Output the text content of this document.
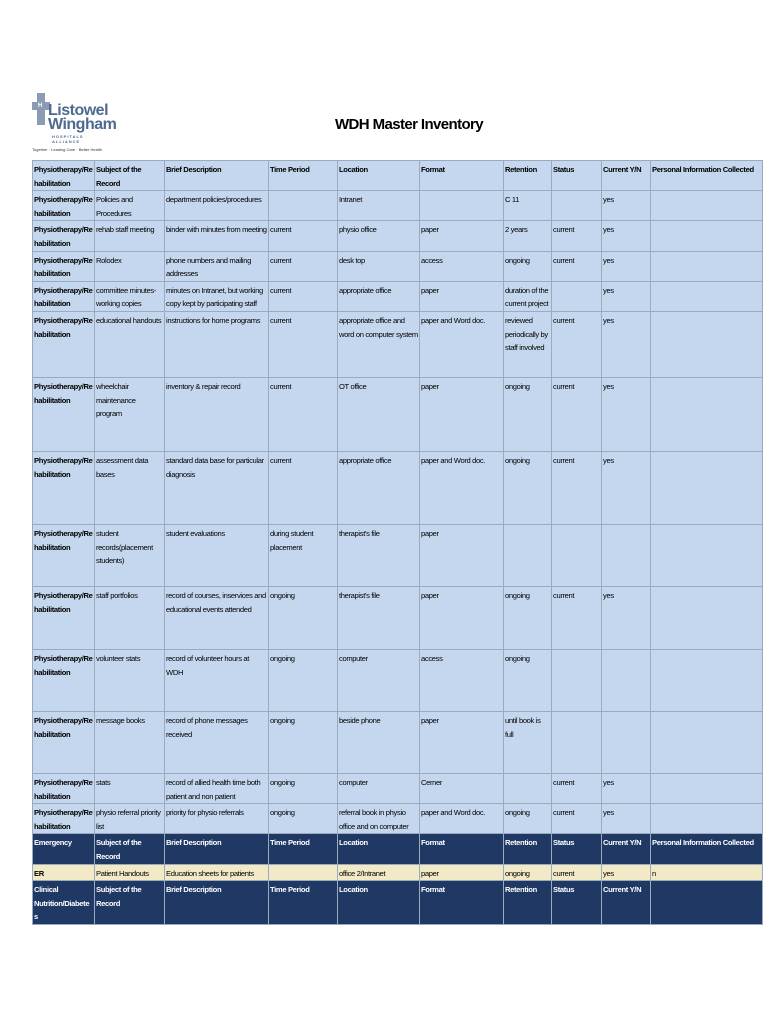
H Listowel
Wingham
HOSPITALS ALLIANCE
Together · Leading Care · Better Health
WDH Master Inventory
Physiotherapy/Rehabilitation	Subject of the Record	Brief Description	Time Period	Location	Format	Retention	Status	Current Y/N	Personal Information Collected
Physiotherapy/Rehabilitation	Policies and Procedures	department policies/procedures		Intranet		C 11		yes	
Physiotherapy/Rehabilitation	rehab staff meeting	binder with minutes from meeting	current	physio office	paper	2 years	current	yes	
Physiotherapy/Rehabilitation	Rolodex	phone numbers and mailing addresses	current	desk top	access	ongoing	current	yes	
Physiotherapy/Rehabilitation	committee minutes-working copies	minutes on Intranet, but working copy kept by participating staff	current	appropriate office	paper	duration of the current project		yes	
Physiotherapy/Rehabilitation	educational handouts	instructions for home programs	current	appropriate office and word on computer system	paper and Word doc.	reviewed periodically by staff involved	current	yes	
Physiotherapy/Rehabilitation	wheelchair maintenance program	inventory & repair record	current	OT office	paper	ongoing	current	yes	
Physiotherapy/Rehabilitation	assessment data bases	standard data base for particular diagnosis	current	appropriate office	paper and Word doc.	ongoing	current	yes	
Physiotherapy/Rehabilitation	student records(placement students)	student evaluations	during student placement	therapist's file	paper				
Physiotherapy/Rehabilitation	staff portfolios	record of courses, inservices and educational events attended	ongoing	therapist's file	paper	ongoing	current	yes	
Physiotherapy/Rehabilitation	volunteer stats	record of volunteer hours at WDH	ongoing	computer	access	ongoing			
Physiotherapy/Rehabilitation	message books	record of phone messages received	ongoing	beside phone	paper	until book is full			
Physiotherapy/Rehabilitation	stats	record of allied health time both patient and non patient	ongoing	computer	Cerner		current	yes	
Physiotherapy/Rehabilitation	physio referral priority list	priority for physio referrals	ongoing	referral book in physio office and on computer	paper and Word doc.	ongoing	current	yes	
Emergency	Subject of the Record	Brief Description	Time Period	Location	Format	Retention	Status	Current Y/N	Personal Information Collected
ER	Patient Handouts	Education sheets for patients		office 2/Intranet	paper	ongoing	current	yes	n
Clinical Nutrition/Diabetes	Subject of the Record	Brief Description	Time Period	Location	Format	Retention	Status	Current Y/N	
